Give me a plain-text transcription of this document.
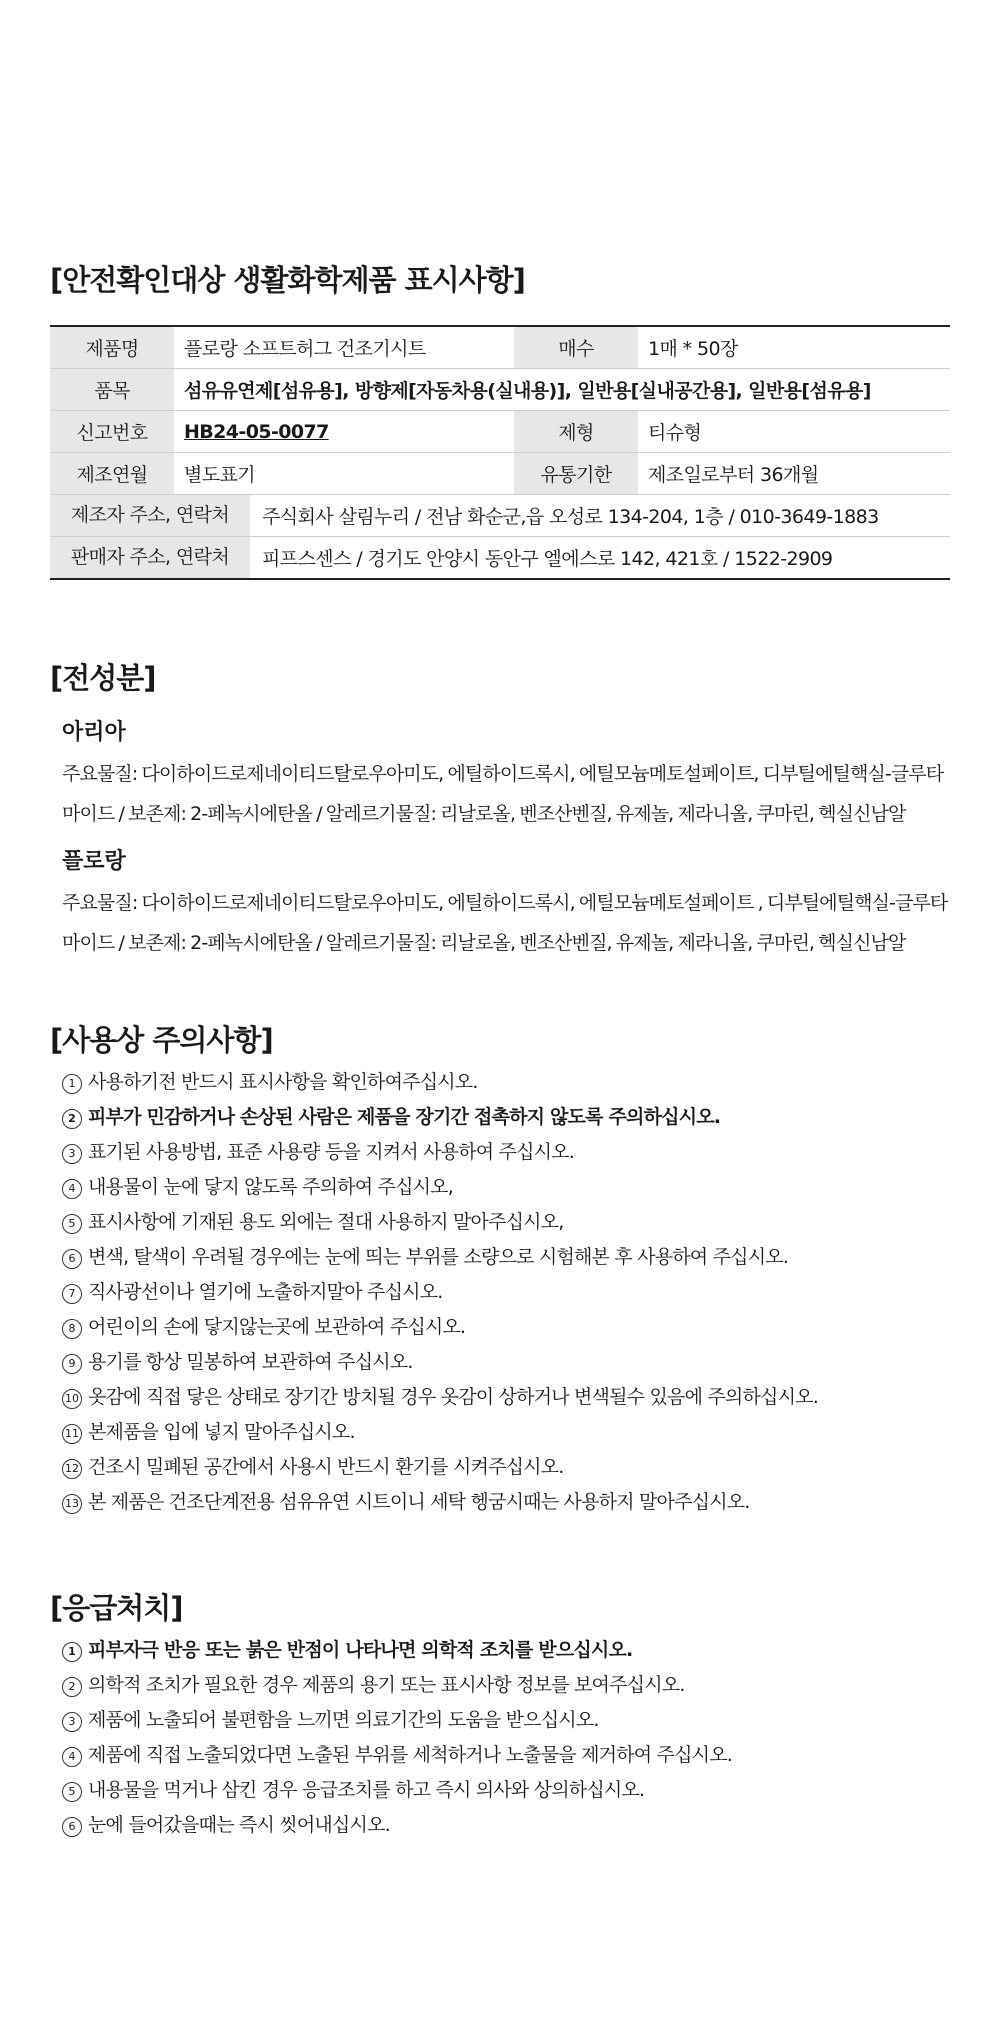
[안전확인대상 생활화학제품 표시사항]
제품명	플로랑 소프트허그 건조기시트	매수	1매 * 50장
품목	섬유유연제[섬유용], 방향제[자동차용(실내용)], 일반용[실내공간용], 일반용[섬유용]		
신고번호	HB24-05-0077	제형	티슈형
제조연월	별도표기	유통기한	제조일로부터 36개월

제조자 주소, 연락처 주식회사 살림누리 / 전남 화순군,읍 오성로 134-204, 1층 / 010-3649-1883			

판매자 주소, 연락처 피프스센스 / 경기도 안양시 동안구 엘에스로 142, 421호 / 1522-2909			
[전성분]

아리아

주요물질: 다이하이드로제네이티드탈로우아미도, 에틸하이드록시, 에틸모늄메토설페이트, 디부틸에틸핵실-글루타
마이드 / 보존제: 2-페녹시에탄올 / 알레르기물질: 리날로올, 벤조산벤질, 유제놀, 제라니올, 쿠마린, 헥실신남알

플로랑

주요물질: 다이하이드로제네이티드탈로우아미도, 에틸하이드록시, 에틸모늄메토설페이트 , 디부틸에틸핵실-글루타
마이드 / 보존제: 2-페녹시에탄올 / 알레르기물질: 리날로올, 벤조산벤질, 유제놀, 제라니올, 쿠마린, 헥실신남알

[사용상 주의사항]
1 사용하기전 반드시 표시사항을 확인하여주십시오.
2 피부가 민감하거나 손상된 사람은 제품을 장기간 접촉하지 않도록 주의하십시오.
3 표기된 사용방법, 표준 사용량 등을 지켜서 사용하여 주십시오.
4 내용물이 눈에 닿지 않도록 주의하여 주십시오,
5 표시사항에 기재된 용도 외에는 절대 사용하지 말아주십시오,
6 변색, 탈색이 우려될 경우에는 눈에 띄는 부위를 소량으로 시험해본 후 사용하여 주십시오.
7 직사광선이나 열기에 노출하지말아 주십시오.
8 어린이의 손에 닿지않는곳에 보관하여 주십시오.
9 용기를 항상 밀봉하여 보관하여 주십시오.
10 옷감에 직접 닿은 상태로 장기간 방치될 경우 옷감이 상하거나 변색될수 있음에 주의하십시오.
11 본제품을 입에 넣지 말아주십시오.
12 건조시 밀폐된 공간에서 사용시 반드시 환기를 시켜주십시오.
13 본 제품은 건조단계전용 섬유유연 시트이니 세탁 헹굼시때는 사용하지 말아주십시오.
[응급처치]
1 피부자극 반응 또는 붉은 반점이 나타나면 의학적 조치를 받으십시오.
2 의학적 조치가 필요한 경우 제품의 용기 또는 표시사항 정보를 보여주십시오.
3 제품에 노출되어 불편함을 느끼면 의료기간의 도움을 받으십시오.
4 제품에 직접 노출되었다면 노출된 부위를 세척하거나 노출물을 제거하여 주십시오.
5 내용물을 먹거나 삼킨 경우 응급조치를 하고 즉시 의사와 상의하십시오.
6 눈에 들어갔을때는 즉시 씻어내십시오.
